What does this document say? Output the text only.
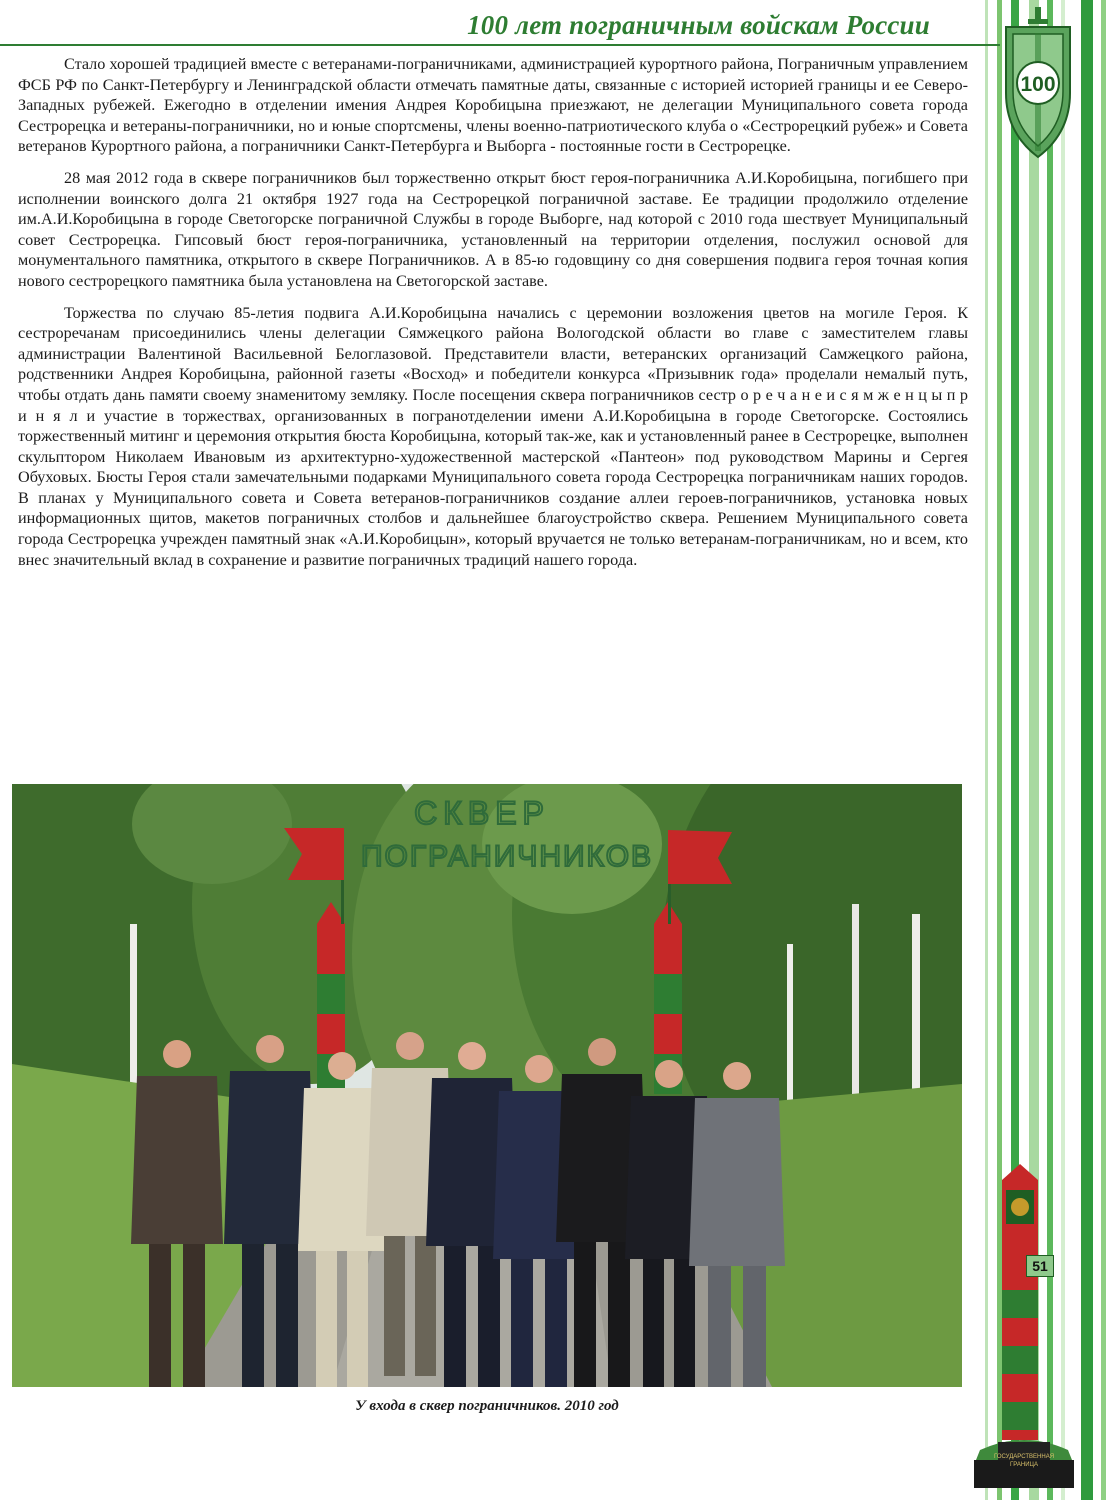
100 лет пограничным войскам России
100

Стало хорошей традицией вместе с ветеранами-пограничниками, администрацией курортного района, Пограничным управлением ФСБ РФ по Санкт-Петербургу и Ленинградской области отмечать памятные даты, связанные с историей историей границы и ее Северо-Западных рубежей. Ежегодно в отделении имения Андрея Коробицына приезжают, не делегации Муниципального совета города Сестрорецка и ветераны-пограничники, но и юные спортсмены, члены военно-патриотического клуба о «Сестрорецкий рубеж» и Совета ветеранов Курортного района, а пограничники Санкт-Петербурга и Выборга - постоянные гости в Сестрорецке.

28 мая 2012 года в сквере пограничников был торжественно открыт бюст героя-пограничника А.И.Коробицына, погибшего при исполнении воинского долга 21 октября 1927 года на Сестрорецкой пограничной заставе. Ее традиции продолжило отделение им.А.И.Коробицына в городе Светогорске пограничной Службы в городе Выборге, над которой с 2010 года шествует Муниципальный совет Сестрорецка. Гипсовый бюст героя-пограничника, установленный на территории отделения, послужил основой для монументального памятника, открытого в сквере Пограничников. А в 85-ю годовщину со дня совершения подвига героя точная копия нового сестрорецкого памятника была установлена на Светогорской заставе.

Торжества по случаю 85-летия подвига А.И.Коробицына начались с церемонии возложения цветов на могиле Героя. К сестроречанам присоединились члены делегации Сямжецкого района Вологодской области во главе с заместителем главы администрации Валентиной Васильевной Белоглазовой. Представители власти, ветеранских организаций Самжецкого района, родственники Андрея Коробицына, районной газеты «Восход» и победители конкурса «Призывник года» проделали немалый путь, чтобы отдать дань памяти своему знаменитому земляку. После посещения сквера пограничников сестр о р е ч а н е и с я м ж е н ц ы п р и н я л и участие в торжествах, организованных в погранотделении имени А.И.Коробицына в городе Светогорске. Состоялись торжественный митинг и церемония открытия бюста Коробицына, который так-же, как и установленный ранее в Сестрорецке, выполнен скульптором Николаем Ивановым из архитектурно-художественной мастерской «Пантеон» под руководством Марины и Сергея Обуховых. Бюсты Героя стали замечательными подарками Муниципального совета города Сестрорецка пограничникам наших городов. В планах у Муниципального совета и Совета ветеранов-пограничников создание аллеи героев-пограничников, установка новых информационных щитов, макетов пограничных столбов и дальнейшее благоустройство сквера. Решением Муниципального совета города Сестрорецка учрежден памятный знак «А.И.Коробицын», который вручается не только ветеранам-пограничникам, но и всем, кто внес значительный вклад в сохранение и развитие пограничных традиций нашего города.

СКВЕР
ПОГРАНИЧНИКОВ
У входа в сквер пограничников. 2010 год
51
ГОСУДАРСТВЕННАЯ ГРАНИЦА
